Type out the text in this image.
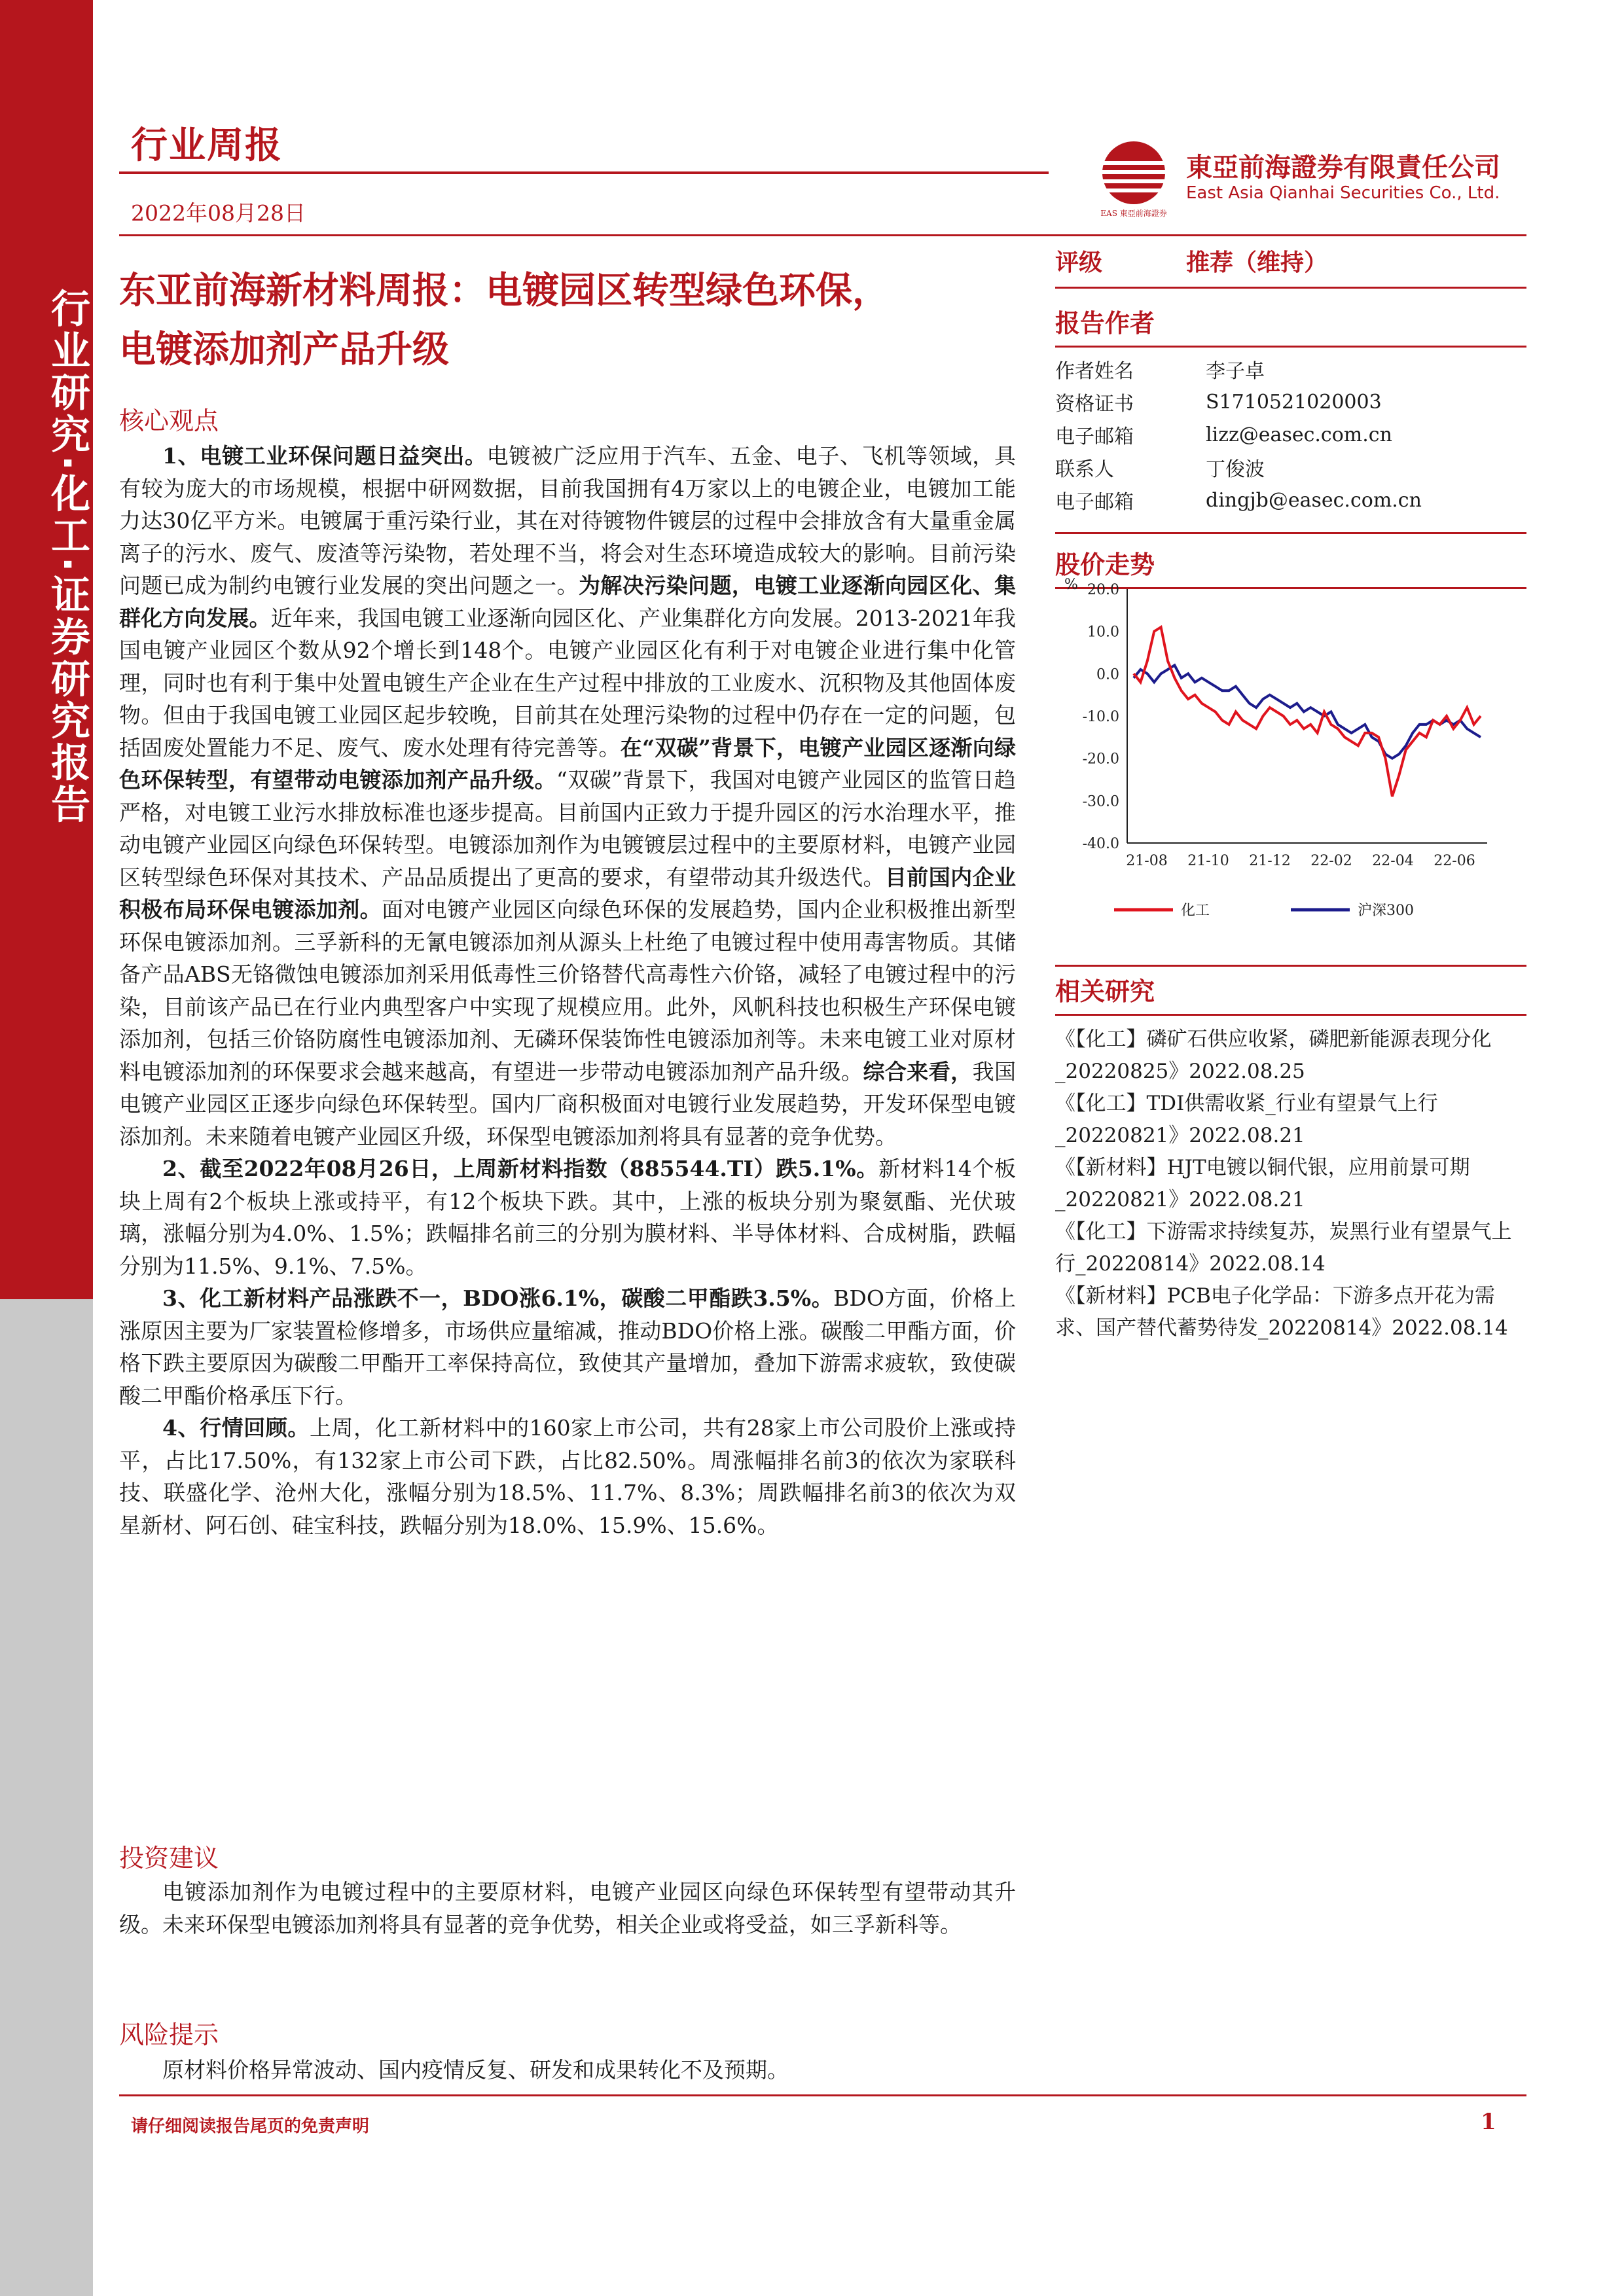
行业研究·化工·证券研究报告
行业周报
2022年08月28日	EAS 東亞前海證券
東亞前海證券有限責任公司
East Asia Qianhai Securities Co., Ltd.
东亚前海新材料周报：电镀园区转型绿色环保，
电镀添加剂产品升级
核心观点

1、电镀工业环保问题日益突出。电镀被广泛应用于汽车、五金、电子、飞机等领域，具有较为庞大的市场规模，根据中研网数据，目前我国拥有4万家以上的电镀企业，电镀加工能力达30亿平方米。电镀属于重污染行业，其在对待镀物件镀层的过程中会排放含有大量重金属离子的污水、废气、废渣等污染物，若处理不当，将会对生态环境造成较大的影响。目前污染问题已成为制约电镀行业发展的突出问题之一。为解决污染问题，电镀工业逐渐向园区化、集群化方向发展。近年来，我国电镀工业逐渐向园区化、产业集群化方向发展。2013-2021年我国电镀产业园区个数从92个增长到148个。电镀产业园区化有利于对电镀企业进行集中化管理，同时也有利于集中处置电镀生产企业在生产过程中排放的工业废水、沉积物及其他固体废物。但由于我国电镀工业园区起步较晚，目前其在处理污染物的过程中仍存在一定的问题，包括固废处置能力不足、废气、废水处理有待完善等。在“双碳”背景下，电镀产业园区逐渐向绿色环保转型，有望带动电镀添加剂产品升级。“双碳”背景下，我国对电镀产业园区的监管日趋严格，对电镀工业污水排放标准也逐步提高。目前国内正致力于提升园区的污水治理水平，推动电镀产业园区向绿色环保转型。电镀添加剂作为电镀镀层过程中的主要原材料，电镀产业园区转型绿色环保对其技术、产品品质提出了更高的要求，有望带动其升级迭代。目前国内企业积极布局环保电镀添加剂。面对电镀产业园区向绿色环保的发展趋势，国内企业积极推出新型环保电镀添加剂。三孚新科的无氰电镀添加剂从源头上杜绝了电镀过程中使用毒害物质。其储备产品ABS无铬微蚀电镀添加剂采用低毒性三价铬替代高毒性六价铬，减轻了电镀过程中的污染，目前该产品已在行业内典型客户中实现了规模应用。此外，风帆科技也积极生产环保电镀添加剂，包括三价铬防腐性电镀添加剂、无磷环保装饰性电镀添加剂等。未来电镀工业对原材料电镀添加剂的环保要求会越来越高，有望进一步带动电镀添加剂产品升级。综合来看，我国电镀产业园区正逐步向绿色环保转型。国内厂商积极面对电镀行业发展趋势，开发环保型电镀添加剂。未来随着电镀产业园区升级，环保型电镀添加剂将具有显著的竞争优势。

2、截至2022年08月26日，上周新材料指数（885544.TI）跌5.1%。新材料14个板块上周有2个板块上涨或持平，有12个板块下跌。其中，上涨的板块分别为聚氨酯、光伏玻璃，涨幅分别为4.0%、1.5%；跌幅排名前三的分别为膜材料、半导体材料、合成树脂，跌幅分别为11.5%、9.1%、7.5%。

3、化工新材料产品涨跌不一，BDO涨6.1%，碳酸二甲酯跌3.5%。BDO方面，价格上涨原因主要为厂家装置检修增多，市场供应量缩减，推动BDO价格上涨。碳酸二甲酯方面，价格下跌主要原因为碳酸二甲酯开工率保持高位，致使其产量增加，叠加下游需求疲软，致使碳酸二甲酯价格承压下行。

4、行情回顾。上周，化工新材料中的160家上市公司，共有28家上市公司股价上涨或持平，占比17.50%，有132家上市公司下跌，占比82.50%。周涨幅排名前3的依次为家联科技、联盛化学、沧州大化，涨幅分别为18.5%、11.7%、8.3%；周跌幅排名前3的依次为双星新材、阿石创、硅宝科技，跌幅分别为18.0%、15.9%、15.6%。

投资建议

电镀添加剂作为电镀过程中的主要原材料，电镀产业园区向绿色环保转型有望带动其升级。未来环保型电镀添加剂将具有显著的竞争优势，相关企业或将受益，如三孚新科等。

风险提示

原材料价格异常波动、国内疫情反复、研发和成果转化不及预期。

评级	推荐（维持）
报告作者
作者姓名	李子卓
资格证书	S1710521020003
电子邮箱	lizz@easec.com.cn
联系人	丁俊波
电子邮箱	dingjb@easec.com.cn
股价走势
% 20.0
10.0
0.0
-10.0
-20.0
-30.0
-40.0
21-08 21-10 21-12 22-02 22-04 22-06
化工	沪深300
相关研究

《【化工】磷矿石供应收紧，磷肥新能源表现分化_20220825》2022.08.25

《【化工】TDI供需收紧_行业有望景气上行_20220821》2022.08.21

《【新材料】HJT电镀以铜代银，应用前景可期_20220821》2022.08.21

《【化工】下游需求持续复苏，炭黑行业有望景气上行_20220814》2022.08.14

《【新材料】PCB电子化学品：下游多点开花为需求、国产替代蓄势待发_20220814》2022.08.14

请仔细阅读报告尾页的免责声明	1
